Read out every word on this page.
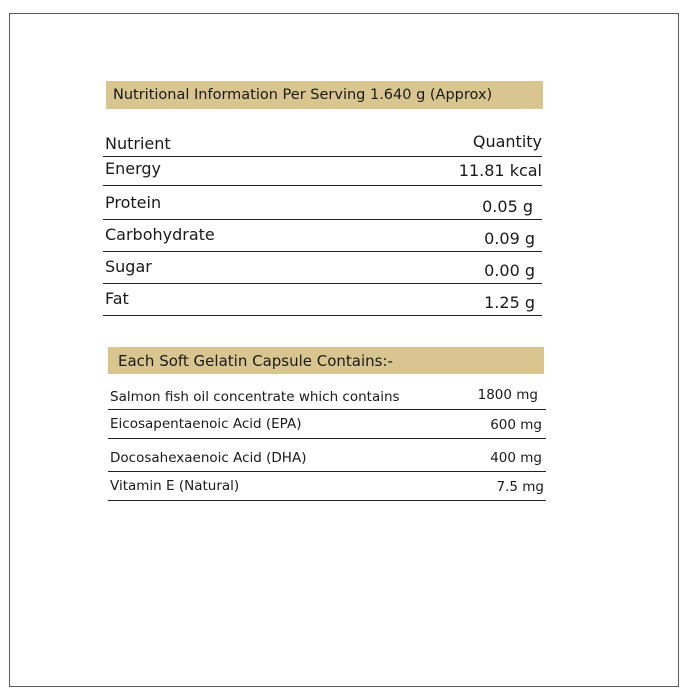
Nutritional Information Per Serving 1.640 g (Approx)
Nutrient	Quantity
Energy	11.81 kcal
Protein	0.05 g
Carbohydrate	0.09 g
Sugar	0.00 g
Fat	1.25 g
Each Soft Gelatin Capsule Contains:-
Salmon fish oil concentrate which contains	1800 mg
Eicosapentaenoic Acid (EPA)	600 mg
Docosahexaenoic Acid (DHA)	400 mg
Vitamin E (Natural)	7.5 mg
